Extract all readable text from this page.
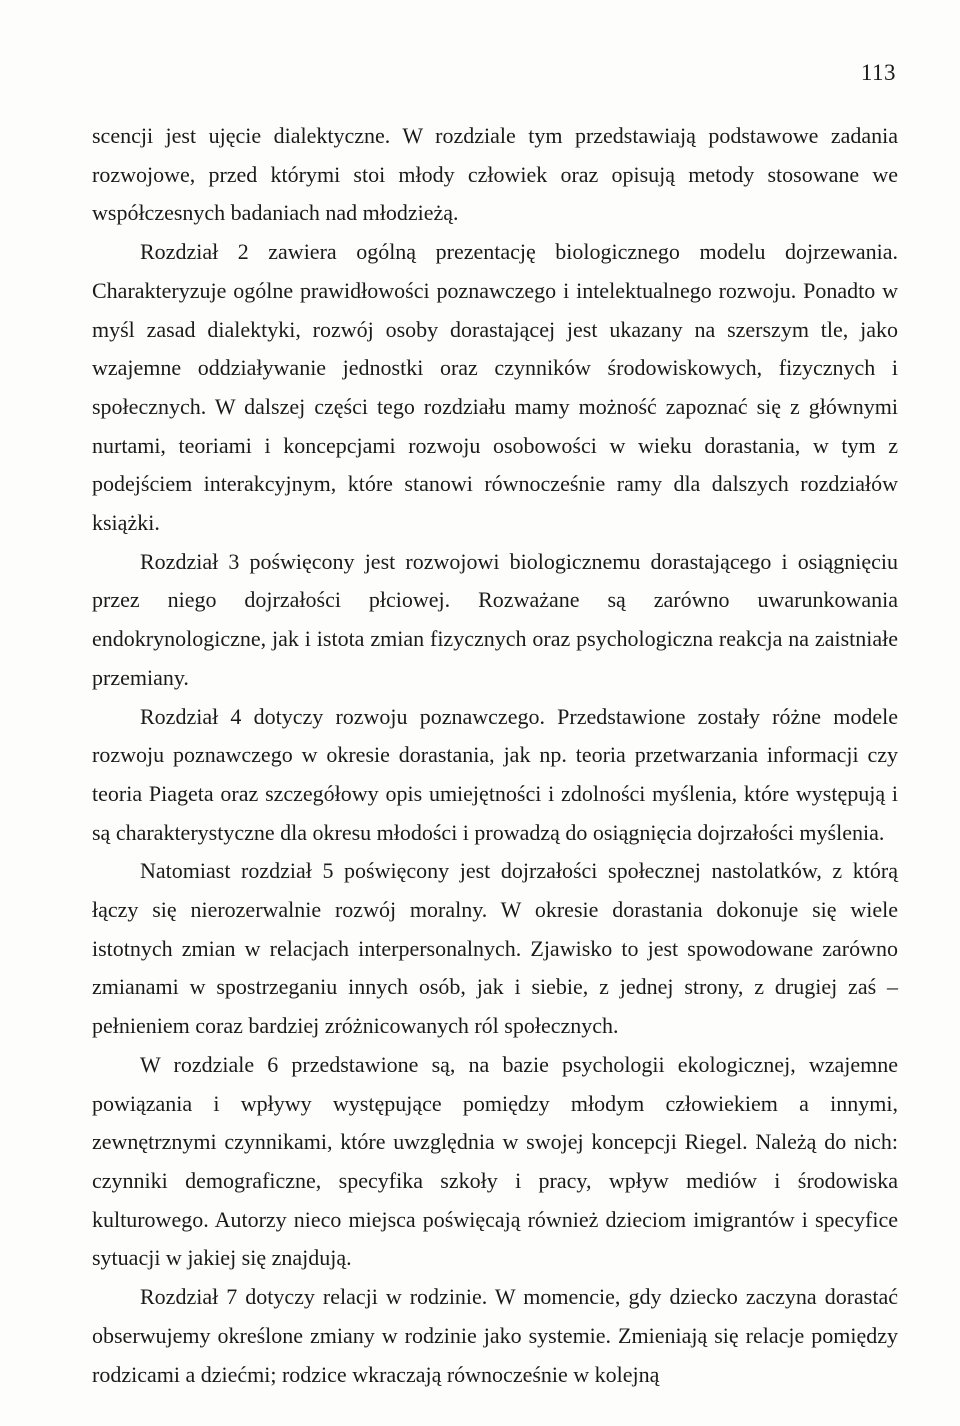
113

scencji jest ujęcie dialektyczne. W rozdziale tym przedstawiają podstawowe zadania rozwojowe, przed którymi stoi młody człowiek oraz opisują metody stosowane we współczesnych badaniach nad młodzieżą.

Rozdział 2 zawiera ogólną prezentację biologicznego modelu dojrzewania. Charakteryzuje ogólne prawidłowości poznawczego i intelektualnego rozwoju. Ponadto w myśl zasad dialektyki, rozwój osoby dorastającej jest ukazany na szerszym tle, jako wzajemne oddziaływanie jednostki oraz czynników środowiskowych, fizycznych i społecznych. W dalszej części tego rozdziału mamy możność zapoznać się z głównymi nurtami, teoriami i koncepcjami rozwoju osobowości w wieku dorastania, w tym z podejściem interakcyjnym, które stanowi równocześnie ramy dla dalszych rozdziałów książki.

Rozdział 3 poświęcony jest rozwojowi biologicznemu dorastającego i osiągnięciu przez niego dojrzałości płciowej. Rozważane są zarówno uwarunkowania endokrynologiczne, jak i istota zmian fizycznych oraz psychologiczna reakcja na zaistniałe przemiany.

Rozdział 4 dotyczy rozwoju poznawczego. Przedstawione zostały różne modele rozwoju poznawczego w okresie dorastania, jak np. teoria przetwarzania informacji czy teoria Piageta oraz szczegółowy opis umiejętności i zdolności myślenia, które występują i są charakterystyczne dla okresu młodości i prowadzą do osiągnięcia dojrzałości myślenia.

Natomiast rozdział 5 poświęcony jest dojrzałości społecznej nastolatków, z którą łączy się nierozerwalnie rozwój moralny. W okresie dorastania dokonuje się wiele istotnych zmian w relacjach interpersonalnych. Zjawisko to jest spowodowane zarówno zmianami w spostrzeganiu innych osób, jak i siebie, z jednej strony, z drugiej zaś – pełnieniem coraz bardziej zróżnicowanych ról społecznych.

W rozdziale 6 przedstawione są, na bazie psychologii ekologicznej, wzajemne powiązania i wpływy występujące pomiędzy młodym człowiekiem a innymi, zewnętrznymi czynnikami, które uwzględnia w swojej koncepcji Riegel. Należą do nich: czynniki demograficzne, specyfika szkoły i pracy, wpływ mediów i środowiska kulturowego. Autorzy nieco miejsca poświęcają również dzieciom imigrantów i specyfice sytuacji w jakiej się znajdują.

Rozdział 7 dotyczy relacji w rodzinie. W momencie, gdy dziecko zaczyna dorastać obserwujemy określone zmiany w rodzinie jako systemie. Zmieniają się relacje pomiędzy rodzicami a dziećmi; rodzice wkraczają równocześnie w kolejną
